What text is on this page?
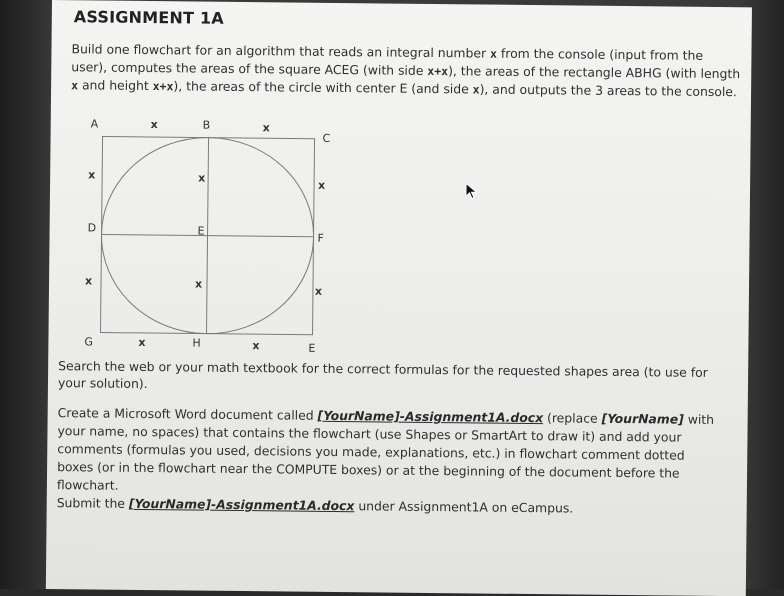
ASSIGNMENT 1A

Build one flowchart for an algorithm that reads an integral number x from the console (input from the user), computes the areas of the square ACEG (with side x+x), the areas of the rectangle ABHG (with length x and height x+x), the areas of the circle with center E (and side x), and outputs the 3 areas to the console.

A	B
C
D	E
F
G	H	E
x	x
x	x
x
x	x
x
x	x

Search the web or your math textbook for the correct formulas for the requested shapes area (to use for your solution).

Create a Microsoft Word document called [YourName]-Assignment1A.docx (replace [YourName] with your name, no spaces) that contains the flowchart (use Shapes or SmartArt to draw it) and add your comments (formulas you used, decisions you made, explanations, etc.) in flowchart comment dotted boxes (or in the flowchart near the COMPUTE boxes) or at the beginning of the document before the flowchart.

Submit the [YourName]-Assignment1A.docx under Assignment1A on eCampus.
